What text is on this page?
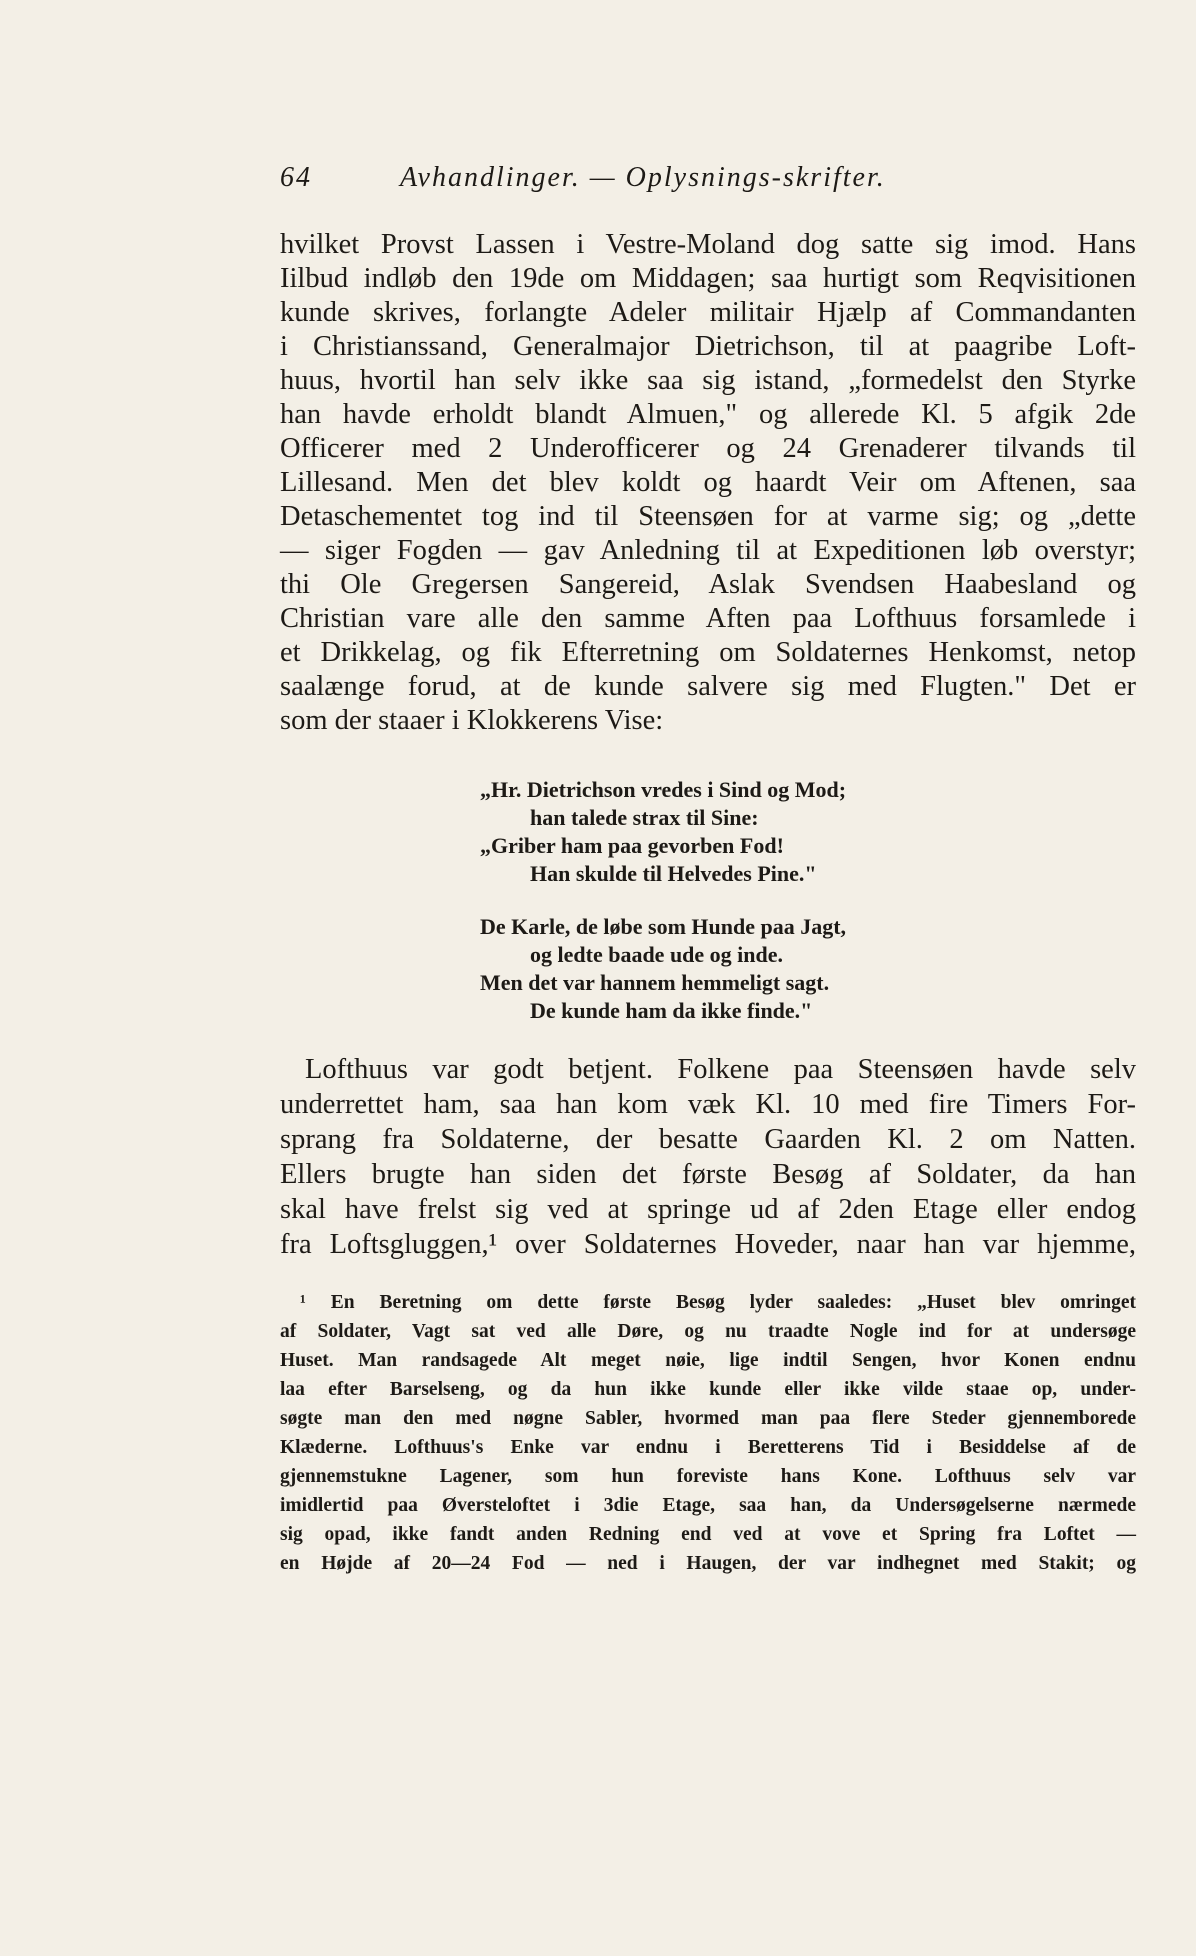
64	Avhandlinger. — Oplysnings-skrifter.
hvilket Provst Lassen i Vestre-Moland dog satte sig imod. Hans
Iilbud indløb den 19de om Middagen; saa hurtigt som Reqvisitionen
kunde skrives, forlangte Adeler militair Hjælp af Commandanten
i Christianssand, Generalmajor Dietrichson, til at paagribe Loft-
huus, hvortil han selv ikke saa sig istand, „formedelst den Styrke
han havde erholdt blandt Almuen," og allerede Kl. 5 afgik 2de
Officerer med 2 Underofficerer og 24 Grenaderer tilvands til
Lillesand. Men det blev koldt og haardt Veir om Aftenen, saa
Detaschementet tog ind til Steensøen for at varme sig; og „dette
— siger Fogden — gav Anledning til at Expeditionen løb overstyr;
thi Ole Gregersen Sangereid, Aslak Svendsen Haabesland og
Christian vare alle den samme Aften paa Lofthuus forsamlede i
et Drikkelag, og fik Efterretning om Soldaternes Henkomst, netop
saalænge forud, at de kunde salvere sig med Flugten." Det er
som der staaer i Klokkerens Vise:
„Hr. Dietrichson vredes i Sind og Mod;
han talede strax til Sine:
„Griber ham paa gevorben Fod!
Han skulde til Helvedes Pine."
De Karle, de løbe som Hunde paa Jagt,
og ledte baade ude og inde.
Men det var hannem hemmeligt sagt.
De kunde ham da ikke finde."
Lofthuus var godt betjent. Folkene paa Steensøen havde selv
underrettet ham, saa han kom væk Kl. 10 med fire Timers For-
sprang fra Soldaterne, der besatte Gaarden Kl. 2 om Natten.
Ellers brugte han siden det første Besøg af Soldater, da han
skal have frelst sig ved at springe ud af 2den Etage eller endog
fra Loftsgluggen,¹ over Soldaternes Hoveder, naar han var hjemme,
¹ En Beretning om dette første Besøg lyder saaledes: „Huset blev omringet
af Soldater, Vagt sat ved alle Døre, og nu traadte Nogle ind for at undersøge
Huset. Man randsagede Alt meget nøie, lige indtil Sengen, hvor Konen endnu
laa efter Barselseng, og da hun ikke kunde eller ikke vilde staae op, under-
søgte man den med nøgne Sabler, hvormed man paa flere Steder gjennemborede
Klæderne. Lofthuus's Enke var endnu i Beretterens Tid i Besiddelse af de
gjennemstukne Lagener, som hun foreviste hans Kone. Lofthuus selv var
imidlertid paa Øversteloftet i 3die Etage, saa han, da Undersøgelserne nærmede
sig opad, ikke fandt anden Redning end ved at vove et Spring fra Loftet —
en Højde af 20—24 Fod — ned i Haugen, der var indhegnet med Stakit; og
